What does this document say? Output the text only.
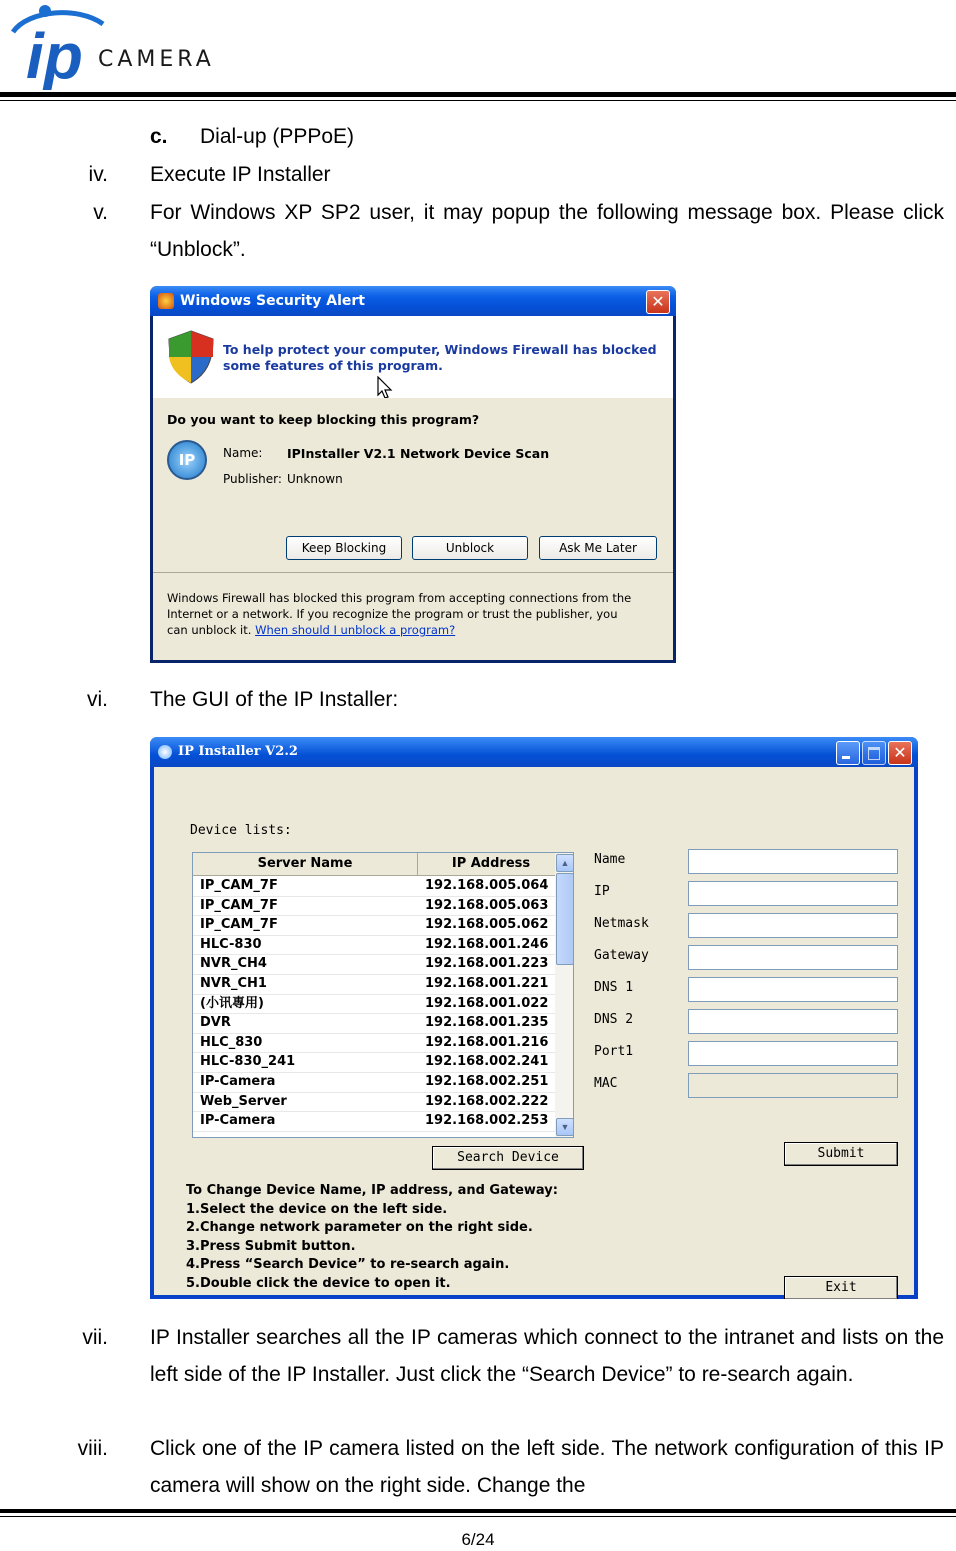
ip CAMERA
c. Dial-up (PPPoE)
iv. Execute IP Installer
v. For Windows XP SP2 user, it may popup the following message box. Please click “Unblock”.
Windows Security Alert	✕
To help protect your computer, Windows Firewall has blocked some features of this program.
Do you want to keep blocking this program?
IP	Name: IPInstaller V2.1 Network Device Scan
Publisher: Unknown
Keep Blocking	Unblock	Ask Me Later
Windows Firewall has blocked this program from accepting connections from the Internet or a network. If you recognize the program or trust the publisher, you can unblock it. When should I unblock a program?
vi. The GUI of the IP Installer:
IP Installer V2.2	✕
Device lists:
Server Name	IP Address
IP_CAM_7F	192.168.005.064
IP_CAM_7F	192.168.005.063
IP_CAM_7F	192.168.005.062
HLC-830	192.168.001.246
NVR_CH4	192.168.001.223
NVR_CH1	192.168.001.221
(小讯專用)	192.168.001.022
DVR	192.168.001.235
HLC_830	192.168.001.216
HLC-830_241	192.168.002.241
IP-Camera	192.168.002.251
Web_Server	192.168.002.222
IP-Camera	192.168.002.253
▲
▼
Name
IP
Netmask
Gateway
DNS 1
DNS 2
Port1
MAC
Search Device	Submit
Exit
To Change Device Name, IP address, and Gateway:
1.Select the device on the left side.
2.Change network parameter on the right side.
3.Press Submit button.
4.Press “Search Device” to re-search again.
5.Double click the device to open it.
vii. IP Installer searches all the IP cameras which connect to the intranet and lists on the left side of the IP Installer. Just click the “Search Device” to re-search again.
viii. Click one of the IP camera listed on the left side. The network configuration of this IP camera will show on the right side. Change the
6/24
